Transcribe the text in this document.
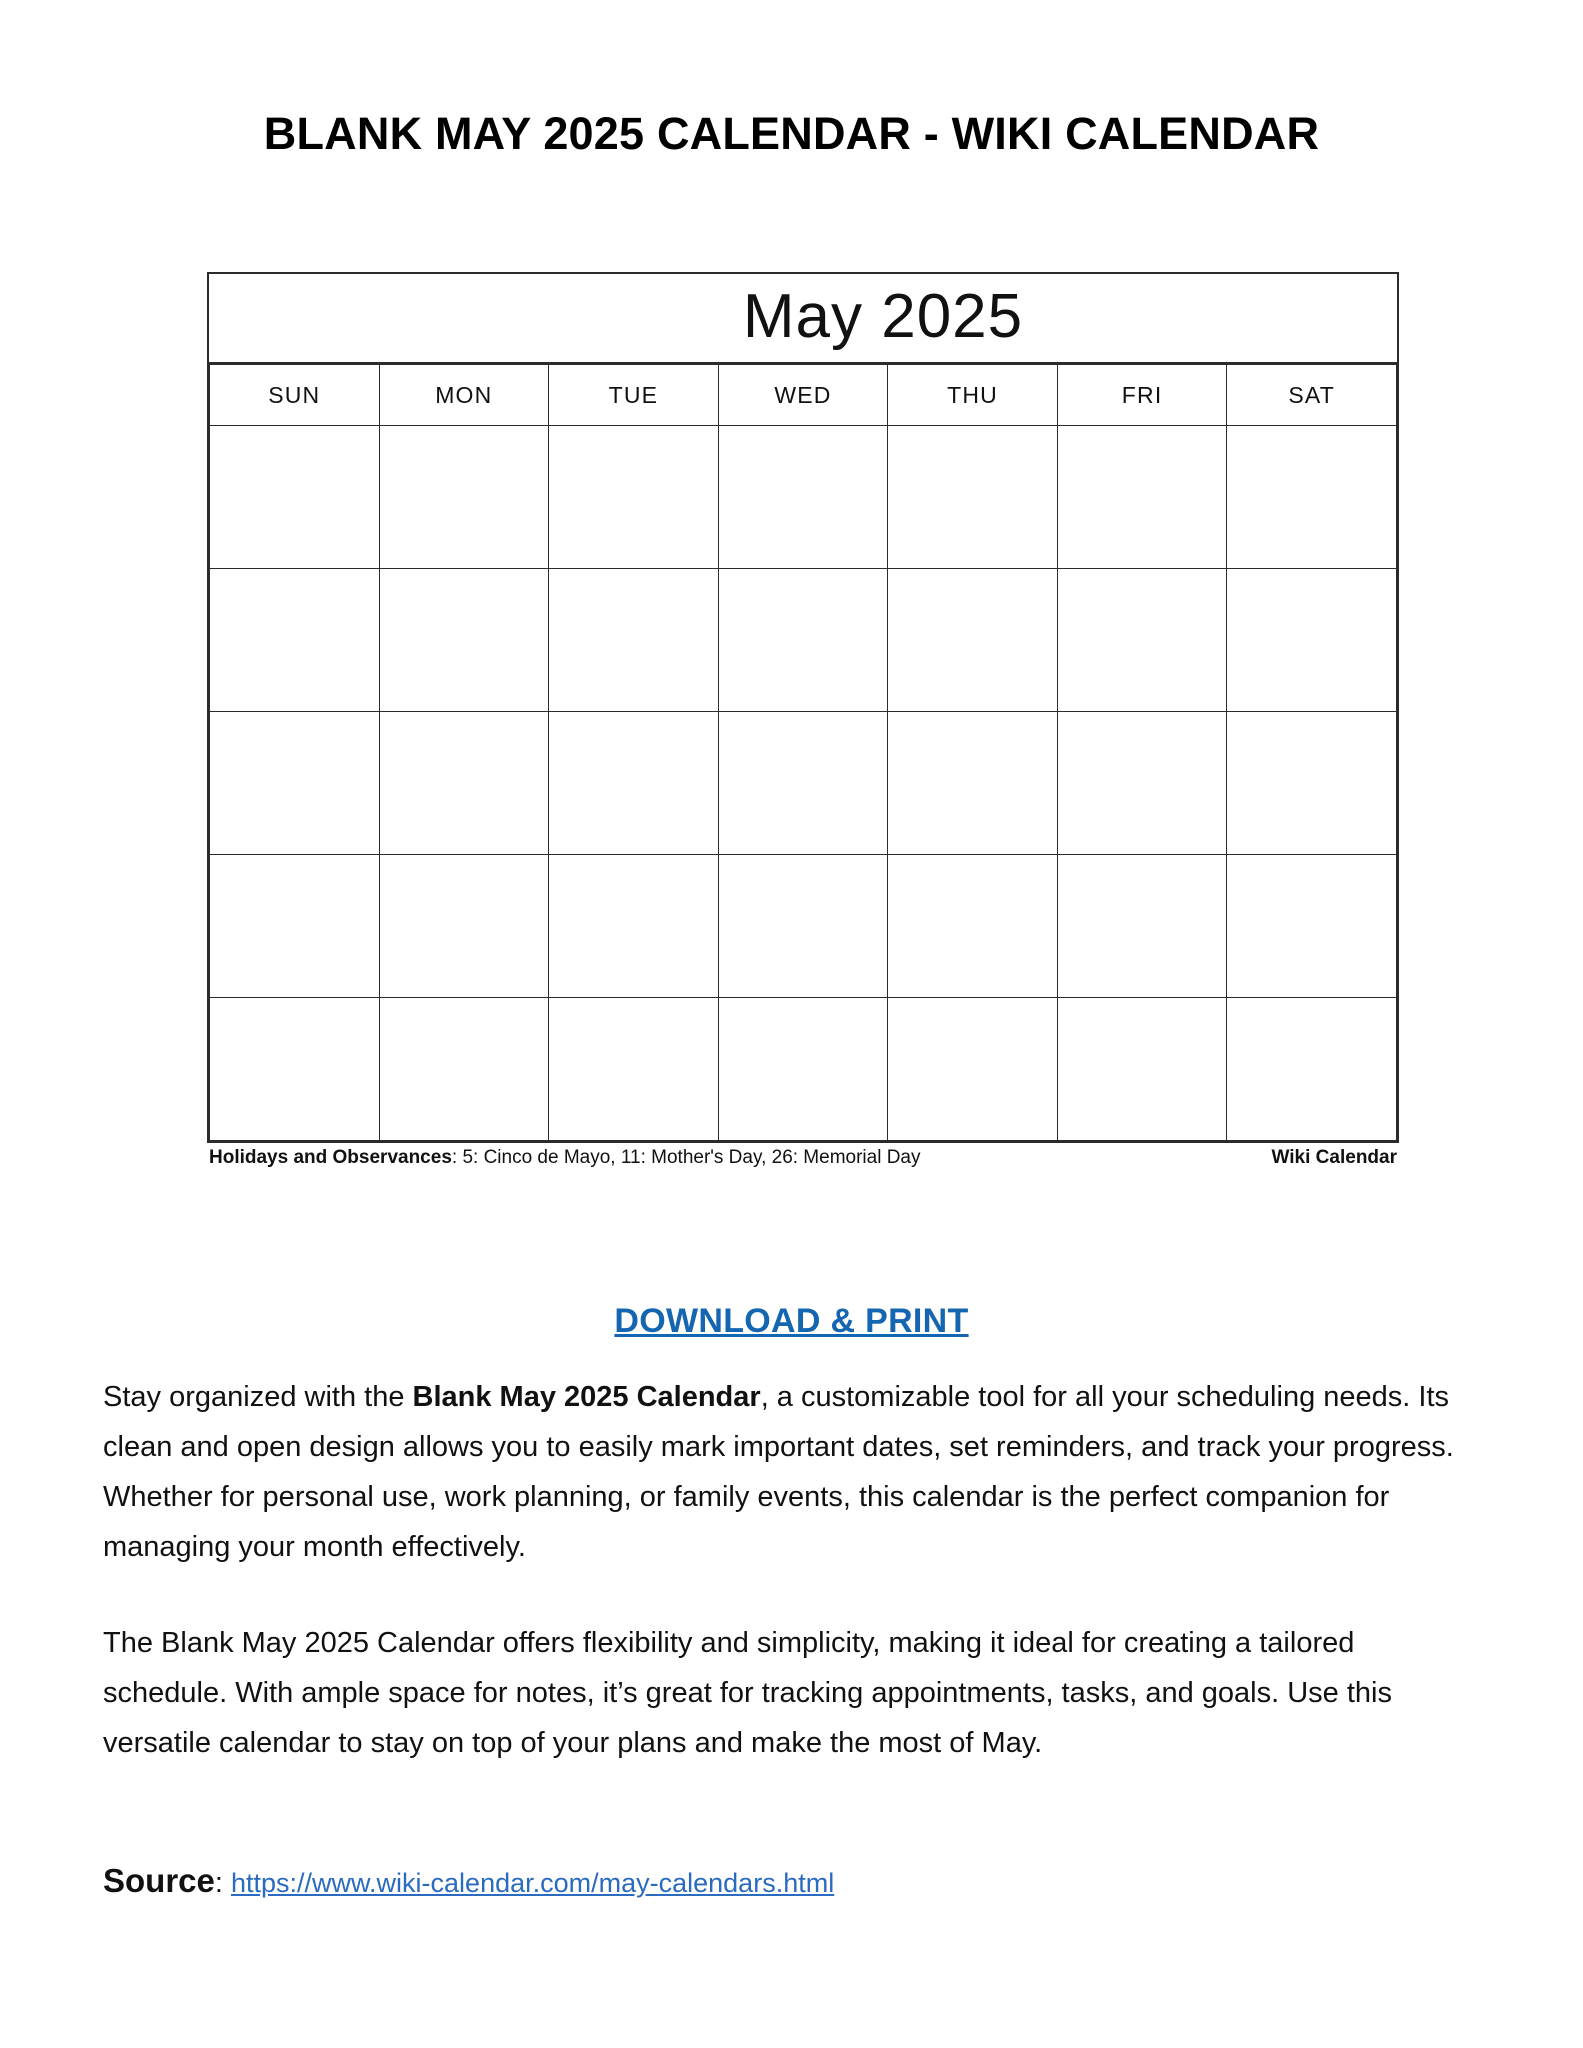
BLANK MAY 2025 CALENDAR - WIKI CALENDAR
May 2025
SUN	MON	TUE	WED	THU	FRI	SAT

Holidays and Observances: 5: Cinco de Mayo, 11: Mother's Day, 26: Memorial Day	Wiki Calendar
DOWNLOAD & PRINT

Stay organized with the Blank May 2025 Calendar, a customizable tool for all your scheduling needs. Its clean and open design allows you to easily mark important dates, set reminders, and track your progress. Whether for personal use, work planning, or family events, this calendar is the perfect companion for managing your month effectively.

The Blank May 2025 Calendar offers flexibility and simplicity, making it ideal for creating a tailored schedule. With ample space for notes, it’s great for tracking appointments, tasks, and goals. Use this versatile calendar to stay on top of your plans and make the most of May.

Source: https://www.wiki-calendar.com/may-calendars.html
